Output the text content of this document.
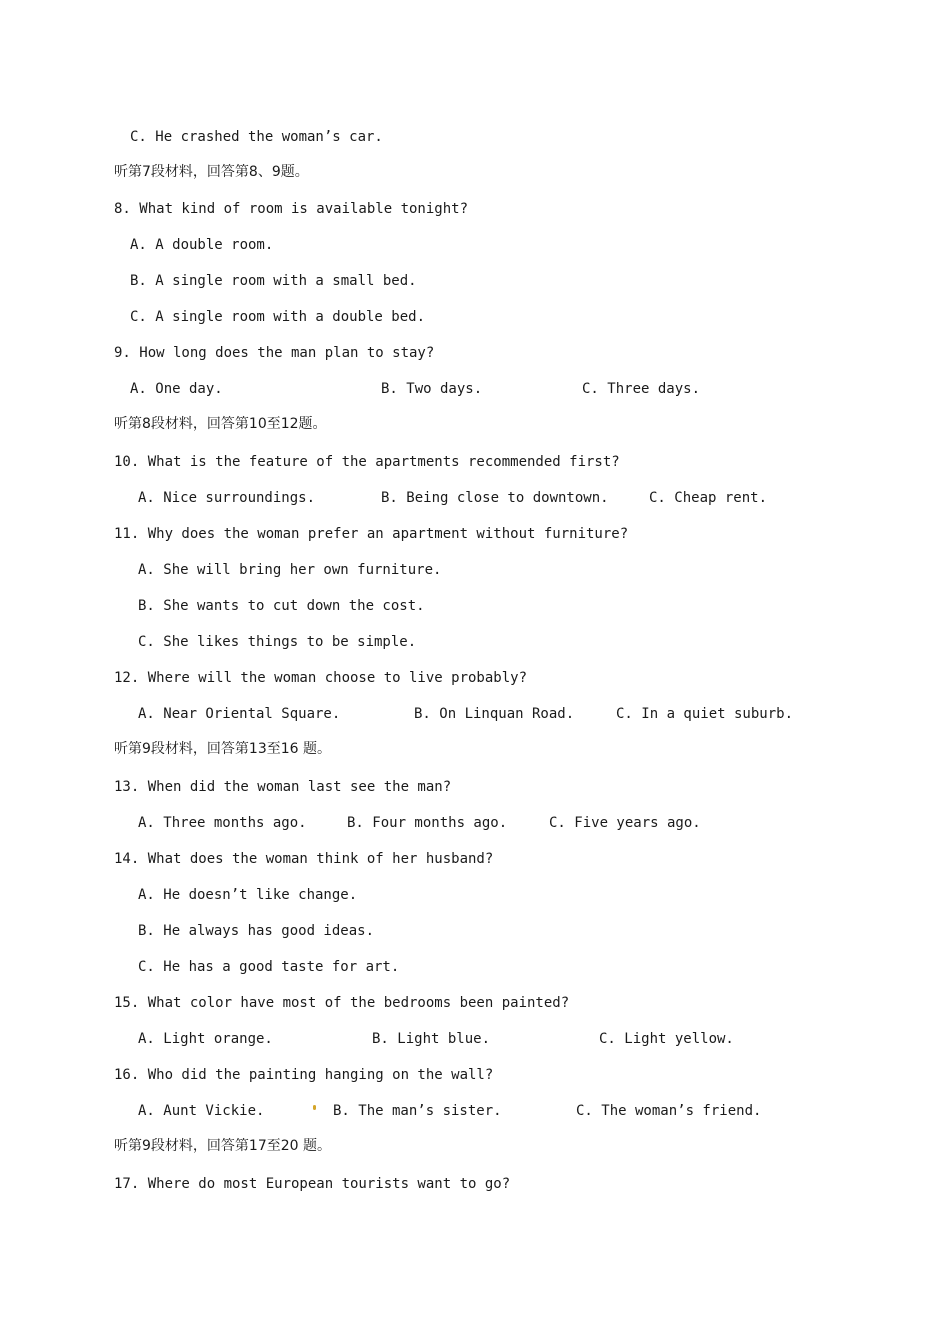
C. He crashed the woman’s car.
听第7段材料，回答第8、9题。
8. What kind of room is available tonight?
A. A double room.
B. A single room with a small bed.
C. A single room with a double bed.
9. How long does the man plan to stay?
A. One day.	B. Two days.	C. Three days.
听第8段材料，回答第10至12题。
10. What is the feature of the apartments recommended first?
A. Nice surroundings.	B. Being close to downtown.	C. Cheap rent.
11. Why does the woman prefer an apartment without furniture?
A. She will bring her own furniture.
B. She wants to cut down the cost.
C. She likes things to be simple.
12. Where will the woman choose to live probably?
A. Near Oriental Square.	B. On Linquan Road.	C. In a quiet suburb.
听第9段材料，回答第13至16 题。
13. When did the woman last see the man?
A. Three months ago.	B. Four months ago.	C. Five years ago.
14. What does the woman think of her husband?
A. He doesn’t like change.
B. He always has good ideas.
C. He has a good taste for art.
15. What color have most of the bedrooms been painted?
A. Light orange.	B. Light blue.	C. Light yellow.
16. Who did the painting hanging on the wall?
A. Aunt Vickie.	B. The man’s sister.	C. The woman’s friend.
听第9段材料，回答第17至20 题。
17. Where do most European tourists want to go?
